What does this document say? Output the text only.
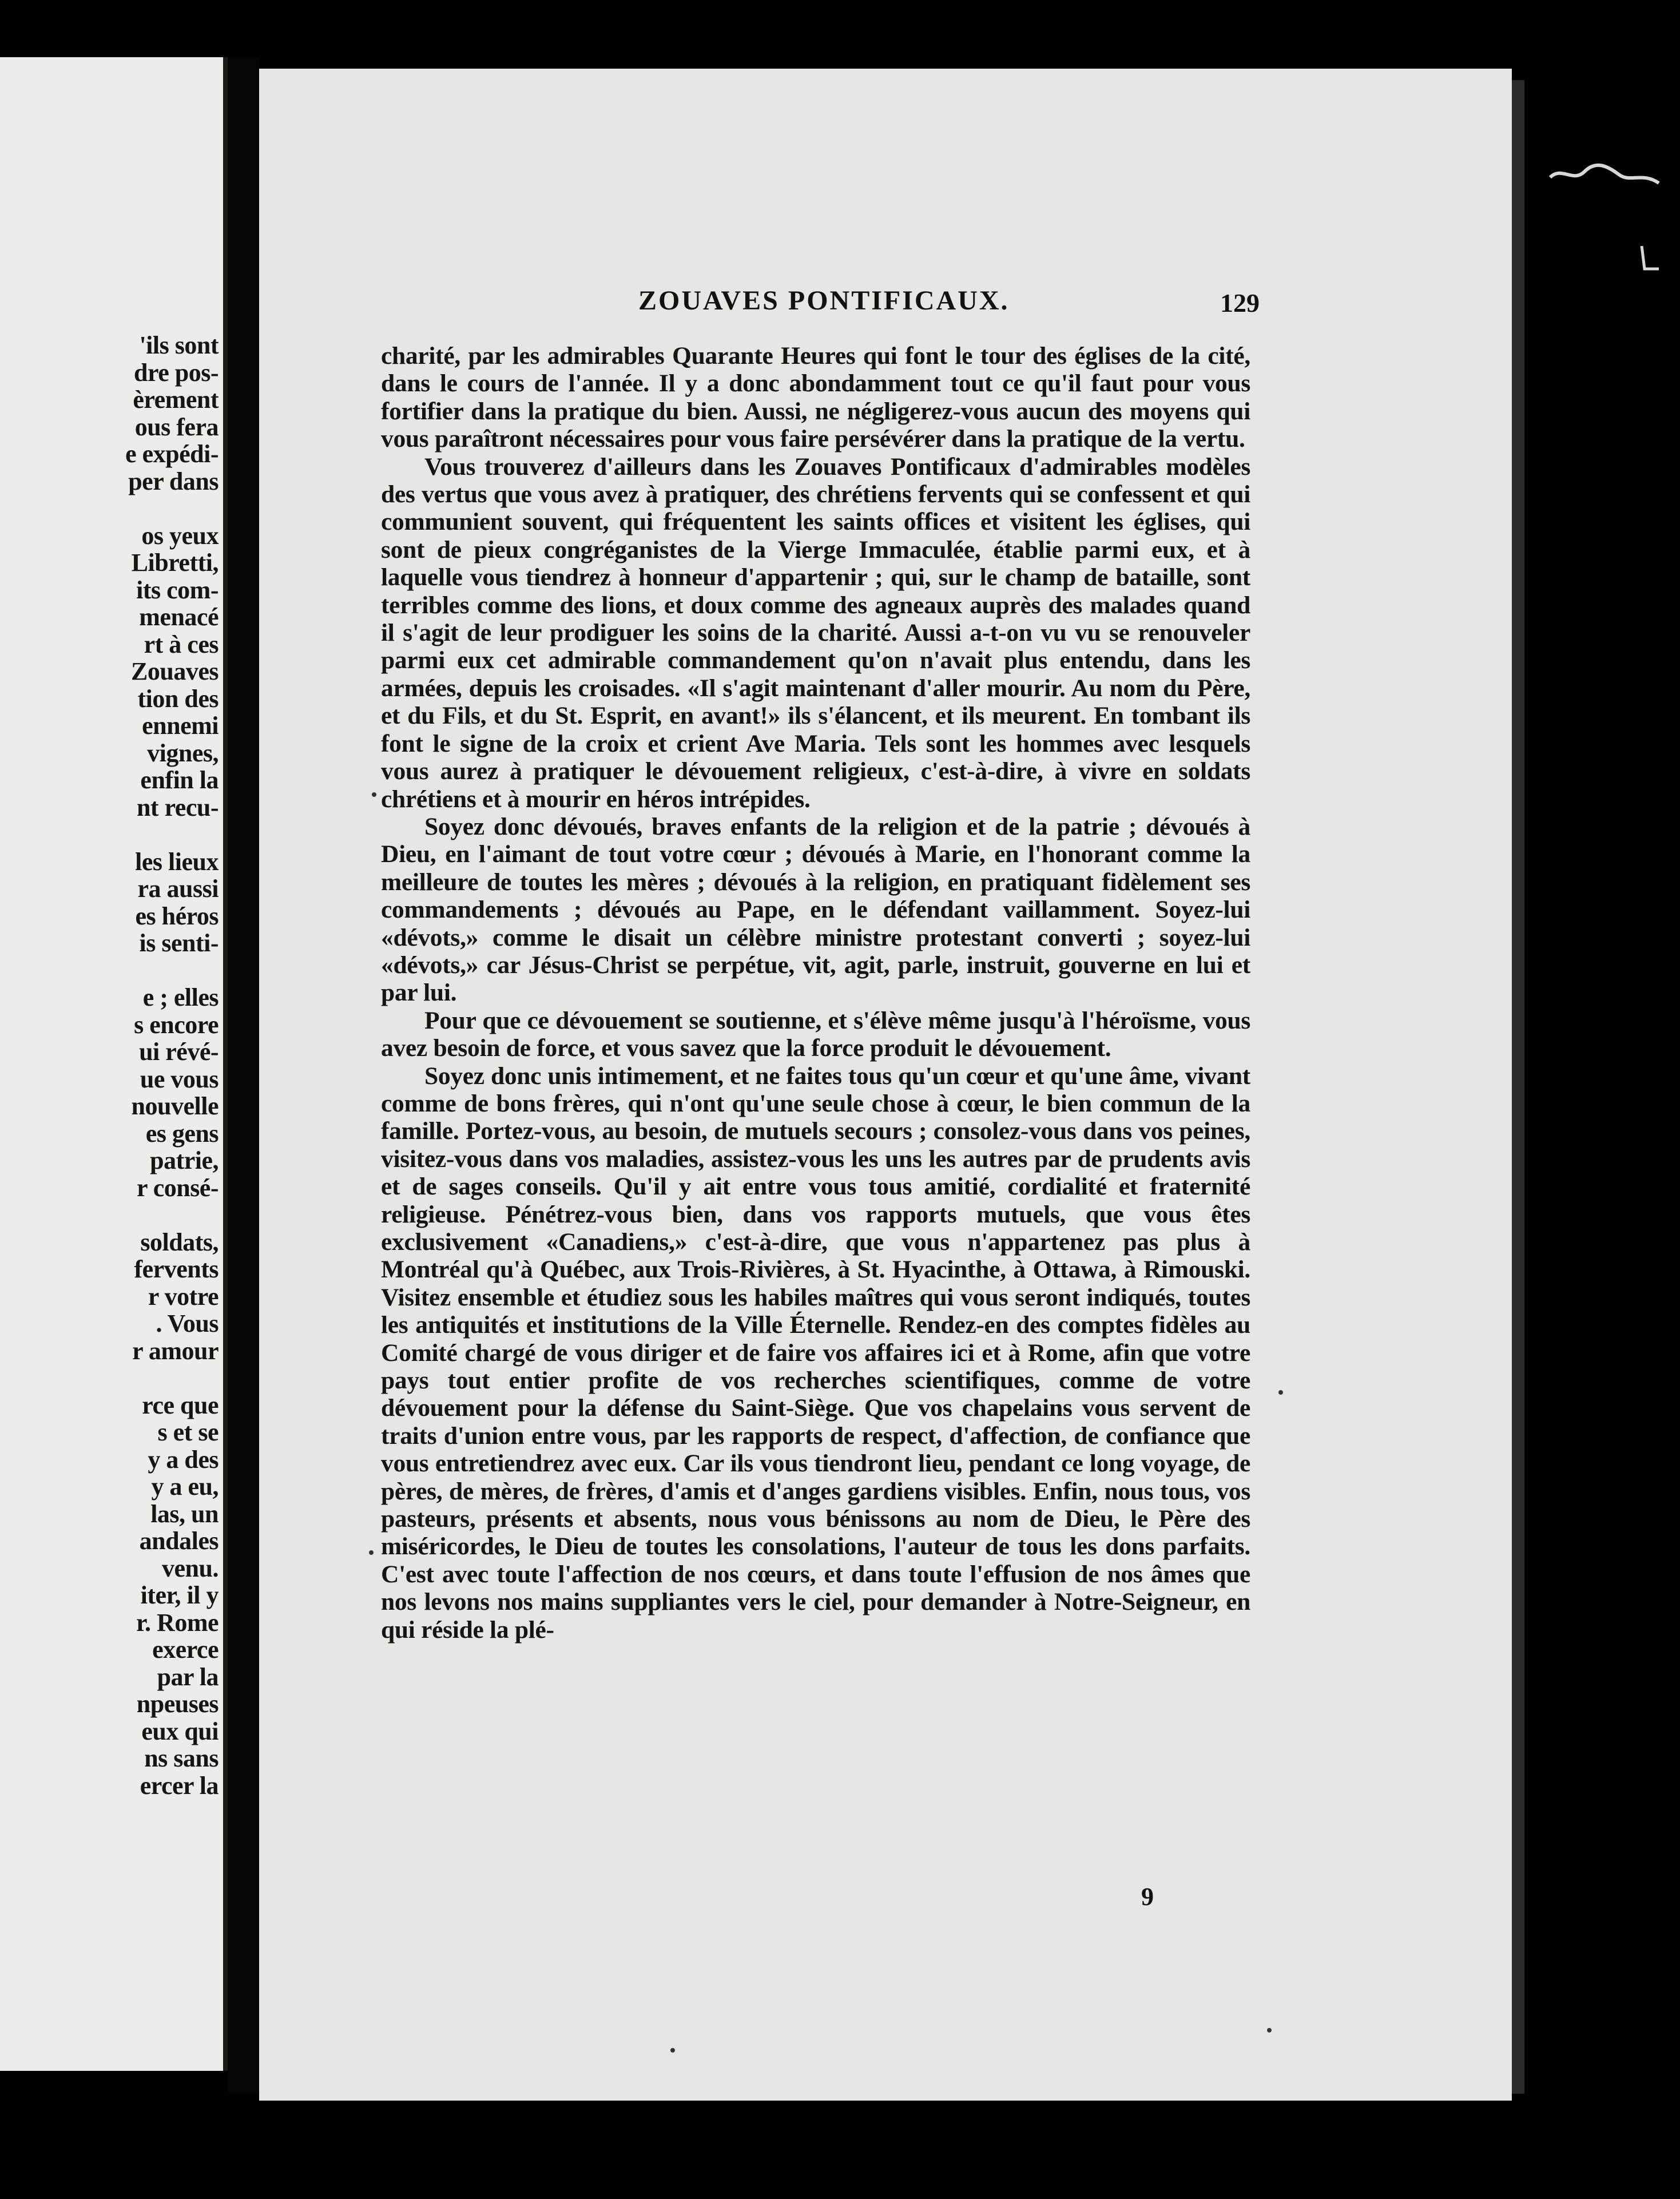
'ils sont
dre pos-
èrement
ous fera
e expédi-
per dans

os yeux
Libretti,
its com-
menacé
rt à ces
Zouaves
tion des
ennemi
vignes,
enfin la
nt recu-

les lieux
ra aussi
es héros
is senti-

e ; elles
s encore
ui révé-
ue vous
nouvelle
es gens
patrie,
r consé-

soldats,
fervents
r votre
. Vous
r amour

rce que
s et se
y a des
y a eu,
las, un
andales
venu.
iter, il y
r. Rome
exerce
par la
npeuses
eux qui
ns sans
ercer la
ZOUAVES PONTIFICAUX.	129

charité, par les admirables Quarante Heures qui font le tour des églises de la cité, dans le cours de l'année. Il y a donc abondamment tout ce qu'il faut pour vous fortifier dans la pratique du bien. Aussi, ne négligerez-vous aucun des moyens qui vous paraîtront nécessaires pour vous faire persévérer dans la pratique de la vertu.

Vous trouverez d'ailleurs dans les Zouaves Pontificaux d'admirables modèles des vertus que vous avez à pratiquer, des chrétiens fervents qui se confessent et qui communient souvent, qui fréquentent les saints offices et visitent les églises, qui sont de pieux congréganistes de la Vierge Immaculée, établie parmi eux, et à laquelle vous tiendrez à honneur d'appartenir ; qui, sur le champ de bataille, sont terribles comme des lions, et doux comme des agneaux auprès des malades quand il s'agit de leur prodiguer les soins de la charité. Aussi a-t-on vu vu se renouveler parmi eux cet admirable commandement qu'on n'avait plus entendu, dans les armées, depuis les croisades. «Il s'agit maintenant d'aller mourir. Au nom du Père, et du Fils, et du St. Esprit, en avant!» ils s'élancent, et ils meurent. En tombant ils font le signe de la croix et crient Ave Maria. Tels sont les hommes avec lesquels vous aurez à pratiquer le dévouement religieux, c'est-à-dire, à vivre en soldats chrétiens et à mourir en héros intrépides.

Soyez donc dévoués, braves enfants de la religion et de la patrie ; dévoués à Dieu, en l'aimant de tout votre cœur ; dévoués à Marie, en l'honorant comme la meilleure de toutes les mères ; dévoués à la religion, en pratiquant fidèlement ses commandements ; dévoués au Pape, en le défendant vaillamment. Soyez-lui «dévots,» comme le disait un célèbre ministre protestant converti ; soyez-lui «dévots,» car Jésus-Christ se perpétue, vit, agit, parle, instruit, gouverne en lui et par lui.

Pour que ce dévouement se soutienne, et s'élève même jusqu'à l'héroïsme, vous avez besoin de force, et vous savez que la force produit le dévouement.

Soyez donc unis intimement, et ne faites tous qu'un cœur et qu'une âme, vivant comme de bons frères, qui n'ont qu'une seule chose à cœur, le bien commun de la famille. Portez-vous, au besoin, de mutuels secours ; consolez-vous dans vos peines, visitez-vous dans vos maladies, assistez-vous les uns les autres par de prudents avis et de sages conseils. Qu'il y ait entre vous tous amitié, cordialité et fraternité religieuse. Pénétrez-vous bien, dans vos rapports mutuels, que vous êtes exclusivement «Canadiens,» c'est-à-dire, que vous n'appartenez pas plus à Montréal qu'à Québec, aux Trois-Rivières, à St. Hyacinthe, à Ottawa, à Rimouski. Visitez ensemble et étudiez sous les habiles maîtres qui vous seront indiqués, toutes les antiquités et institutions de la Ville Éternelle. Rendez-en des comptes fidèles au Comité chargé de vous diriger et de faire vos affaires ici et à Rome, afin que votre pays tout entier profite de vos recherches scientifiques, comme de votre dévouement pour la défense du Saint-Siège. Que vos chapelains vous servent de traits d'union entre vous, par les rapports de respect, d'affection, de confiance que vous entretiendrez avec eux. Car ils vous tiendront lieu, pendant ce long voyage, de pères, de mères, de frères, d'amis et d'anges gardiens visibles. Enfin, nous tous, vos pasteurs, présents et absents, nous vous bénissons au nom de Dieu, le Père des miséricordes, le Dieu de toutes les consolations, l'auteur de tous les dons parfaits. C'est avec toute l'affection de nos cœurs, et dans toute l'effusion de nos âmes que nos levons nos mains suppliantes vers le ciel, pour demander à Notre-Seigneur, en qui réside la plé-

9
